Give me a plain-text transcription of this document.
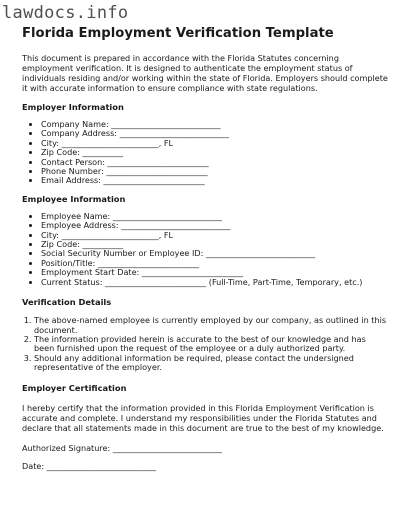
lawdocs.info
Florida Employment Verification Template

This document is prepared in accordance with the Florida Statutes concerning employment verification. It is designed to authenticate the employment status of individuals residing and/or working within the state of Florida. Employers should complete it with accurate information to ensure compliance with state regulations.

Employer Information
• Company Name: ___________________________
• Company Address: ___________________________
• City: ________________________, FL
• Zip Code: __________
• Contact Person: _________________________
• Phone Number: _________________________
• Email Address: _________________________
Employee Information
• Employee Name: ___________________________
• Employee Address: ___________________________
• City: ________________________, FL
• Zip Code: __________
• Social Security Number or Employee ID: ___________________________
• Position/Title: _________________________
• Employment Start Date: _________________________
• Current Status: _________________________ (Full-Time, Part-Time, Temporary, etc.)
Verification Details
1. The above-named employee is currently employed by our company, as outlined in this document.
2. The information provided herein is accurate to the best of our knowledge and has been furnished upon the request of the employee or a duly authorized party.
3. Should any additional information be required, please contact the undersigned representative of the employer.
Employer Certification

I hereby certify that the information provided in this Florida Employment Verification is accurate and complete. I understand my responsibilities under the Florida Statutes and declare that all statements made in this document are true to the best of my knowledge.

Authorized Signature: ___________________________

Date: ___________________________
